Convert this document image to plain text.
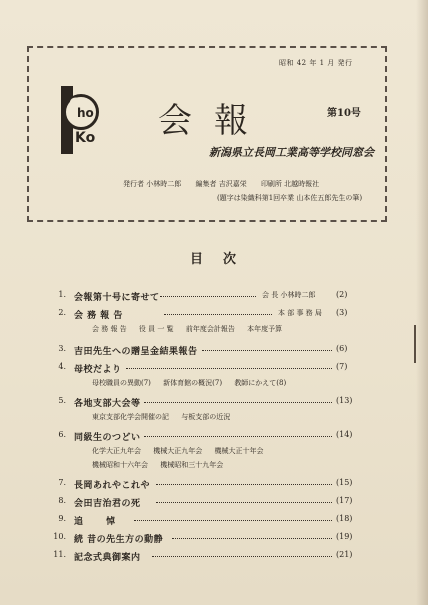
昭和 42 年 1 月 発行
C
ho
Ko 会報	第10号
新潟県立長岡工業高等学校同窓会
発行者 小林時二郎 編集者 吉沢嘉栄 印刷所 北越時報社
(題字は染織科第1回卒業 山本佐五郎先生の筆)
目次
1. 会報第十号に寄せて	会 長 小林時二郎	(2)
2. 会 務 報 告	本 部 事 務 局 (3)
会 務 報 告 役 員 一 覧 前年度会計報告 本年度予算
3. 吉田先生への贈呈金結果報告	(6)
4. 母校だより	(7)
母校職員の異動(7) 新体育館の概況(7) 教師にかえて(8)
5. 各地支部大会等	(13)
東京支部化学会開催の記 与板支部の近況
6. 同級生のつどい	(14)
化学大正九年会 機械大正九年会 機械大正十年会
機械昭和十六年会 機械昭和三十九年会
7. 長岡あれやこれや	(15)
8. 会田吉治君の死	(17)
9. 追 悼	(18)
10. 続 昔の先生方の動静	(19)
11. 記念式典御案内	(21)
